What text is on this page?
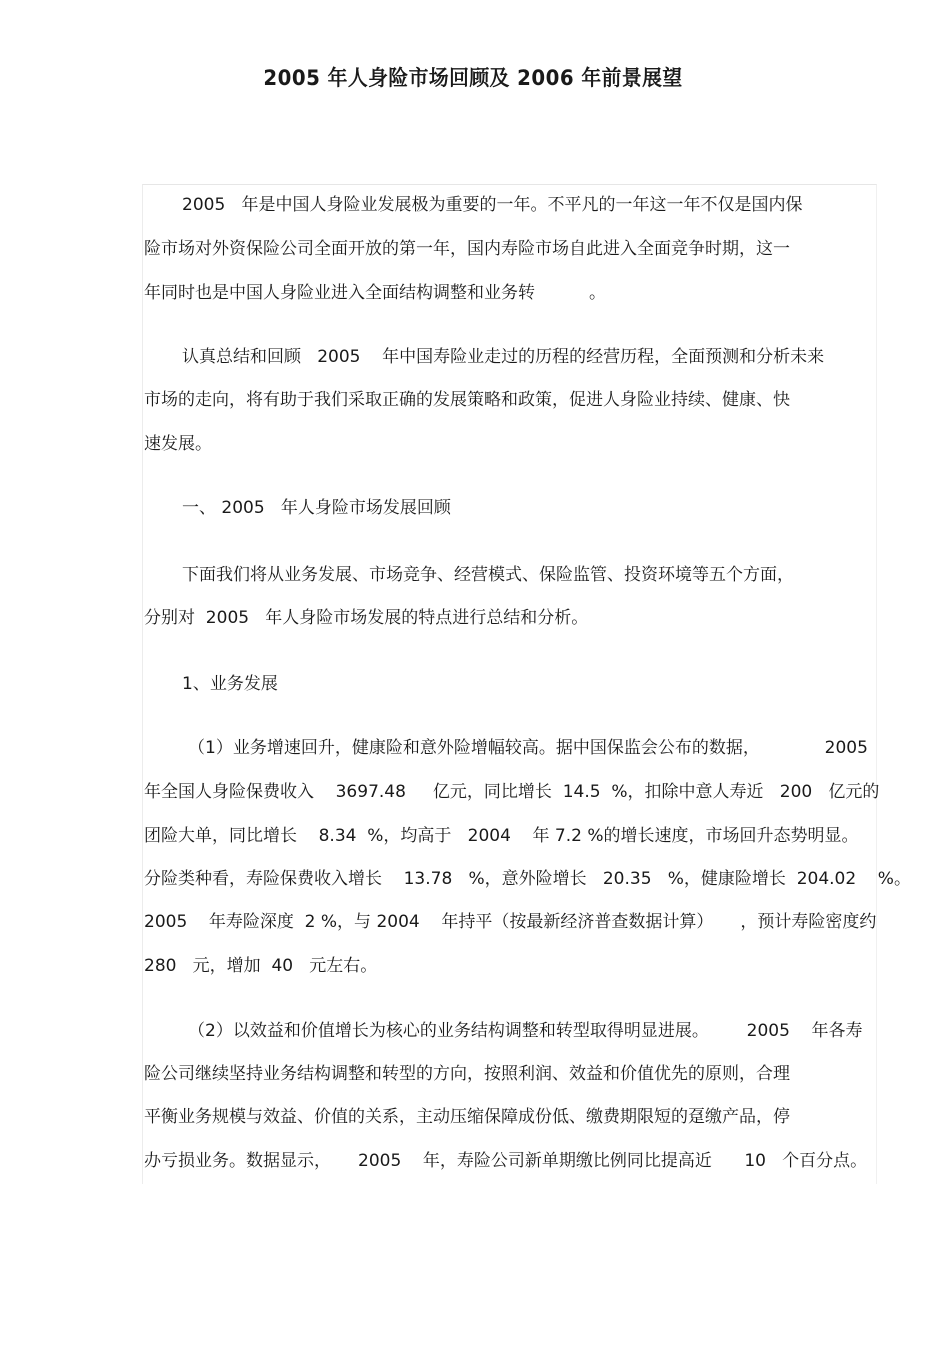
2005 年人身险市场回顾及 2006 年前景展望
2005   年是中国人身险业发展极为重要的一年。不平凡的一年这一年不仅是国内保
险市场对外资保险公司全面开放的第一年，国内寿险市场自此进入全面竞争时期，这一
年同时也是中国人身险业进入全面结构调整和业务转          。
认真总结和回顾   2005    年中国寿险业走过的历程的经营历程，全面预测和分析未来
市场的走向，将有助于我们采取正确的发展策略和政策，促进人身险业持续、健康、快
速发展。
一、 2005   年人身险市场发展回顾
下面我们将从业务发展、市场竞争、经营模式、保险监管、投资环境等五个方面，
分别对  2005   年人身险市场发展的特点进行总结和分析。
1、业务发展
（1）业务增速回升，健康险和意外险增幅较高。据中国保监会公布的数据，            2005
年全国人身险保费收入    3697.48     亿元，同比增长  14.5  %，扣除中意人寿近   200   亿元的
团险大单，同比增长    8.34  %，均高于   2004    年 7.2 %的增长速度，市场回升态势明显。
分险类种看，寿险保费收入增长    13.78   %，意外险增长   20.35   %，健康险增长  204.02    %。
2005    年寿险深度  2 %，与 2004    年持平（按最新经济普查数据计算）     ，预计寿险密度约
280   元，增加  40   元左右。
（2）以效益和价值增长为核心的业务结构调整和转型取得明显进展。       2005    年各寿
险公司继续坚持业务结构调整和转型的方向，按照利润、效益和价值优先的原则，合理
平衡业务规模与效益、价值的关系，主动压缩保障成份低、缴费期限短的趸缴产品，停
办亏损业务。数据显示，     2005    年，寿险公司新单期缴比例同比提高近      10   个百分点。
